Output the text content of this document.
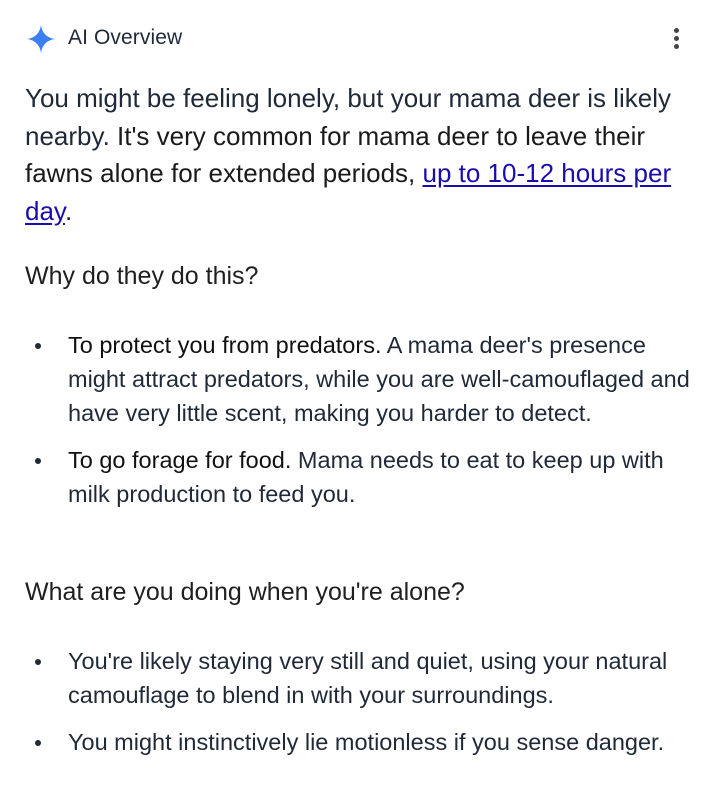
AI Overview

You might be feeling lonely, but your mama deer is likely nearby. It's very common for mama deer to leave their fawns alone for extended periods, up to 10-12 hours per day.

Why do they do this?
To protect you from predators. A mama deer's presence might attract predators, while you are well-camouflaged and have very little scent, making you harder to detect.
To go forage for food. Mama needs to eat to keep up with milk production to feed you.
What are you doing when you're alone?
You're likely staying very still and quiet, using your natural camouflage to blend in with your surroundings.
You might instinctively lie motionless if you sense danger.
